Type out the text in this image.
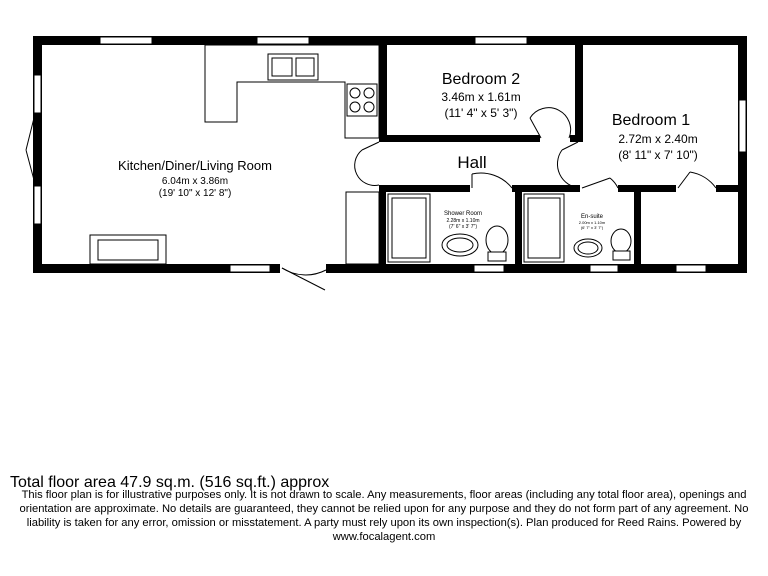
Kitchen/Diner/Living Room
6.04m x 3.86m
(19' 10" x 12' 8")
Bedroom 2
3.46m x 1.61m
(11' 4" x 5' 3")	Bedroom 1
2.72m x 2.40m
(8' 11" x 7' 10")
Hall
Shower Room
2.28m x 1.10m
(7' 6" x 3' 7")
En-suite
2.00m x 1.10m
(6' 7" x 3' 7")
Total floor area 47.9 sq.m. (516 sq.ft.) approx
This floor plan is for illustrative purposes only. It is not drawn to scale. Any measurements, floor areas (including any total floor area), openings and orientation are approximate. No details are guaranteed, they cannot be relied upon for any purpose and they do not form part of any agreement. No liability is taken for any error, omission or misstatement. A party must rely upon its own inspection(s). Plan produced for Reed Rains. Powered by www.focalagent.com
